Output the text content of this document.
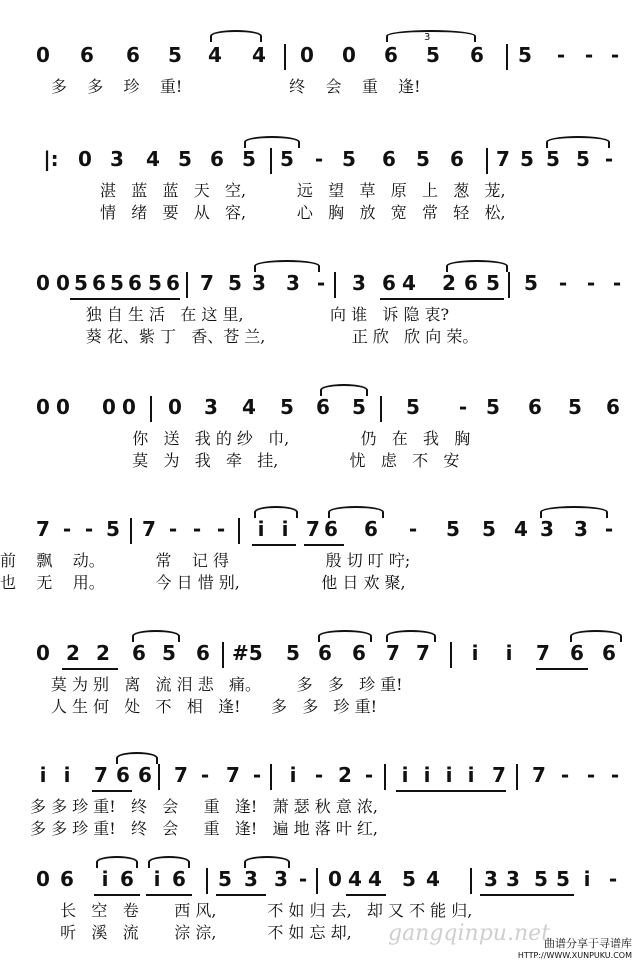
0 6 6 5 4 4 0 0 6 5 6 5 - - -
3
多    多    珍    重!                     终    会    重    逢!
|: 0 3 4 5 6 5 5 - 5 6 5 6 7 5 5 5 -
湛   蓝   蓝   天   空,          远   望   草   原   上   葱   茏,
情   绪   要   从   容,          心   胸   放   宽   常   轻   松,
0 0 5 6 5 6 5 6 7 5 3 3 - 3 6 4 2 6 5 5 - - -
独 自 生 活   在 这 里,                 向 谁   诉 隐 衷?
葵 花、紫 丁   香、苍 兰,                 正 欣   欣 向 荣。
0 0 0 0 0 3 4 5 6 5 5 - 5 6 5 6
你   送   我 的 纱   巾,              仍   在   我   胸
莫   为   我   牵   挂,              忧   虑   不   安
7 - - 5 7 - - - i i 7 6 6 - 5 5 4 3 3 -
前    飘    动。          常    记 得                   殷 切 叮 咛;
也    无    用。          今 日 惜 别,                他 日 欢 聚,
0 2 2 6 5 6 #5 5 6 6 7 7 i i 7 6 6
莫 为 别   离   流 泪 悲   痛。       多   多   珍 重!
人 生 何   处   不   相   逢!      多   多   珍 重!
i i 7 6 6 7 - 7 - i - 2 - i i i i 7 7 - - -
多 多 珍 重!   终   会     重   逢!   萧 瑟 秋 意 浓,
多 多 珍 重!   终   会     重   逢!   遍 地 落 叶 红,
0 6 i 6 i 6 5 3 3 - 0 4 4 5 4 3 3 5 5 i -
长   空   卷       西 风,          不 如 归 去,   却 又 不 能 归,
听   溪   流       淙 淙,          不 如 忘 却, gangqinpu.net
曲谱分享于寻谱库
HTTP://WWW.XUNPUKU.COM
